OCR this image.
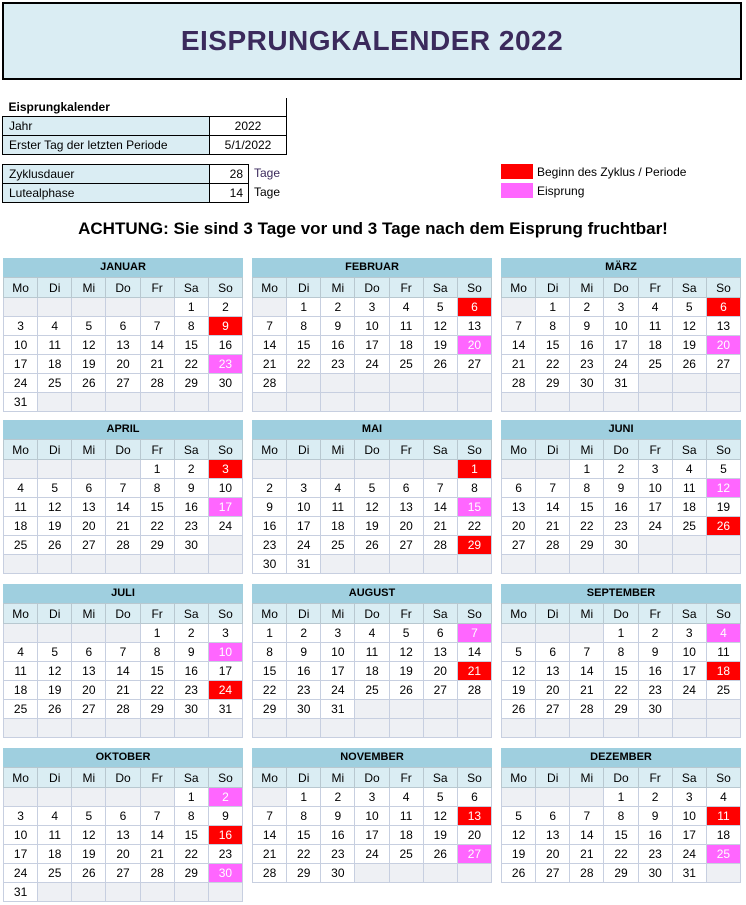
EISPRUNGKALENDER 2022
Eisprungkalender	
Jahr	2022
Erster Tag der letzten Periode	5/1/2022
Zyklusdauer	28
Lutealphase	14
Tage
Tage
Beginn des Zyklus / Periode
Eisprung
ACHTUNG: Sie sind 3 Tage vor und 3 Tage nach dem Eisprung fruchtbar!
JANUAR
Mo	Di	Mi	Do	Fr	Sa	So
					1	2
3	4	5	6	7	8	9
10	11	12	13	14	15	16
17	18	19	20	21	22	23
24	25	26	27	28	29	30
31						
FEBRUAR
Mo	Di	Mi	Do	Fr	Sa	So
	1	2	3	4	5	6
7	8	9	10	11	12	13
14	15	16	17	18	19	20
21	22	23	24	25	26	27
28						

MÄRZ
Mo	Di	Mi	Do	Fr	Sa	So
	1	2	3	4	5	6
7	8	9	10	11	12	13
14	15	16	17	18	19	20
21	22	23	24	25	26	27
28	29	30	31			

APRIL
Mo	Di	Mi	Do	Fr	Sa	So
				1	2	3
4	5	6	7	8	9	10
11	12	13	14	15	16	17
18	19	20	21	22	23	24
25	26	27	28	29	30	

MAI
Mo	Di	Mi	Do	Fr	Sa	So
						1
2	3	4	5	6	7	8
9	10	11	12	13	14	15
16	17	18	19	20	21	22
23	24	25	26	27	28	29
30	31					
JUNI
Mo	Di	Mi	Do	Fr	Sa	So
		1	2	3	4	5
6	7	8	9	10	11	12
13	14	15	16	17	18	19
20	21	22	23	24	25	26
27	28	29	30			

JULI
Mo	Di	Mi	Do	Fr	Sa	So
				1	2	3
4	5	6	7	8	9	10
11	12	13	14	15	16	17
18	19	20	21	22	23	24
25	26	27	28	29	30	31

AUGUST
Mo	Di	Mi	Do	Fr	Sa	So
1	2	3	4	5	6	7
8	9	10	11	12	13	14
15	16	17	18	19	20	21
22	23	24	25	26	27	28
29	30	31				

SEPTEMBER
Mo	Di	Mi	Do	Fr	Sa	So
			1	2	3	4
5	6	7	8	9	10	11
12	13	14	15	16	17	18
19	20	21	22	23	24	25
26	27	28	29	30		

OKTOBER
Mo	Di	Mi	Do	Fr	Sa	So
					1	2
3	4	5	6	7	8	9
10	11	12	13	14	15	16
17	18	19	20	21	22	23
24	25	26	27	28	29	30
31						
NOVEMBER
Mo	Di	Mi	Do	Fr	Sa	So
	1	2	3	4	5	6
7	8	9	10	11	12	13
14	15	16	17	18	19	20
21	22	23	24	25	26	27
28	29	30				
DEZEMBER
Mo	Di	Mi	Do	Fr	Sa	So
			1	2	3	4
5	6	7	8	9	10	11
12	13	14	15	16	17	18
19	20	21	22	23	24	25
26	27	28	29	30	31	
